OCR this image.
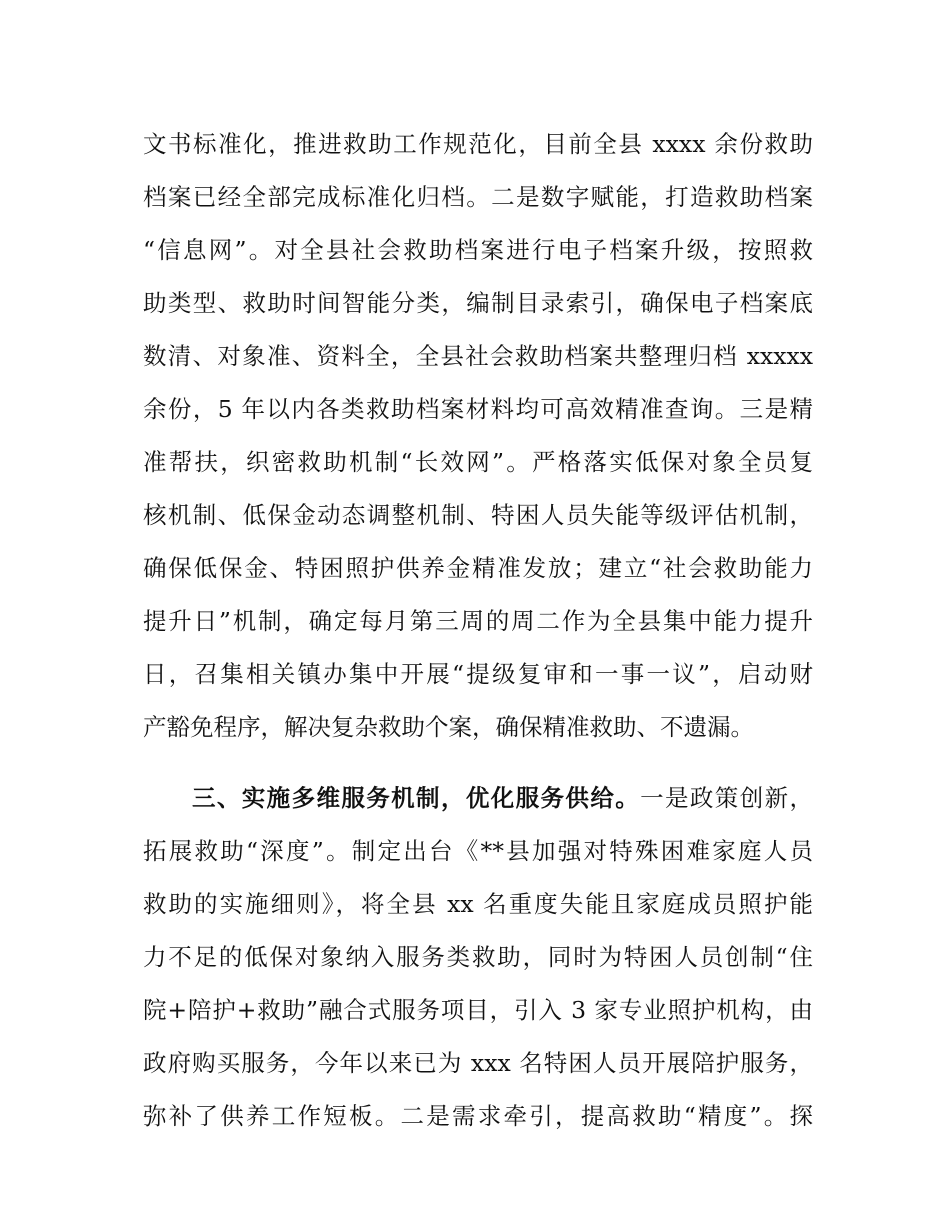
文书标准化，推进救助工作规范化，目前全县 xxxx 余份救助
档案已经全部完成标准化归档。二是数字赋能，打造救助档案
“信息网”。对全县社会救助档案进行电子档案升级，按照救
助类型、救助时间智能分类，编制目录索引，确保电子档案底
数清、对象准、资料全，全县社会救助档案共整理归档 xxxxx
余份，5 年以内各类救助档案材料均可高效精准查询。三是精
准帮扶，织密救助机制“长效网”。严格落实低保对象全员复
核机制、低保金动态调整机制、特困人员失能等级评估机制，
确保低保金、特困照护供养金精准发放；建立“社会救助能力
提升日”机制，确定每月第三周的周二作为全县集中能力提升
日，召集相关镇办集中开展“提级复审和一事一议”，启动财
产豁免程序，解决复杂救助个案，确保精准救助、不遗漏。
三、实施多维服务机制，优化服务供给。一是政策创新，
拓展救助“深度”。制定出台《**县加强对特殊困难家庭人员
救助的实施细则》，将全县 xx 名重度失能且家庭成员照护能
力不足的低保对象纳入服务类救助，同时为特困人员创制“住
院+陪护+救助”融合式服务项目，引入 3 家专业照护机构，由
政府购买服务，今年以来已为 xxx 名特困人员开展陪护服务，
弥补了供养工作短板。二是需求牵引，提高救助“精度”。探
